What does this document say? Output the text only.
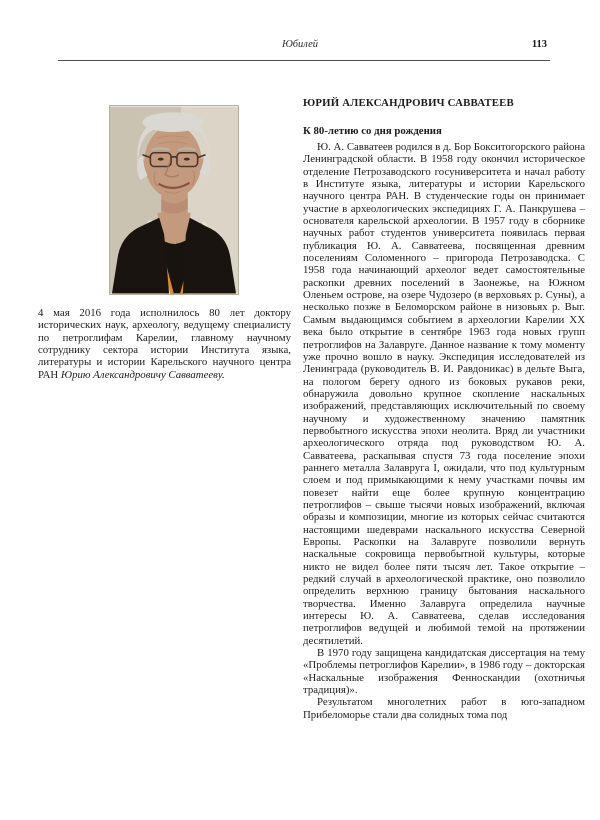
Юбилей	113

4 мая 2016 года исполнилось 80 лет доктору исторических наук, археологу, ведущему специалисту по петроглифам Карелии, главному научному сотруднику сектора истории Института языка, литературы и истории Карельского научного центра РАН Юрию Александровичу Савватееву.

ЮРИЙ АЛЕКСАНДРОВИЧ САВВАТЕЕВ
К 80-летию со дня рождения

Ю. А. Савватеев родился в д. Бор Бокситогорского района Ленинградской области. В 1958 году окончил историческое отделение Петрозаводского госуниверситета и начал работу в Институте языка, литературы и истории Карельского научного центра РАН. В студенческие годы он принимает участие в археологических экспедициях Г. А. Панкрушева – основателя карельской археологии. В 1957 году в сборнике научных работ студентов университета появилась первая публикация Ю. А. Савватеева, посвященная древним поселениям Соломенного – пригорода Петрозаводска. С 1958 года начинающий археолог ведет самостоятельные раскопки древних поселений в Заонежье, на Южном Оленьем острове, на озере Чудозеро (в верховьях р. Суны), а несколько позже в Беломорском районе в низовьях р. Выг. Самым выдающимся событием в археологии Карелии XX века было открытие в сентябре 1963 года новых групп петроглифов на Залавруге. Данное название к тому моменту уже прочно вошло в науку. Экспедиция исследователей из Ленинграда (руководитель В. И. Равдоникас) в дельте Выга, на пологом берегу одного из боковых рукавов реки, обнаружила довольно крупное скопление наскальных изображений, представляющих исключительный по своему научному и художественному значению памятник первобытного искусства эпохи неолита. Вряд ли участники археологического отряда под руководством Ю. А. Савватеева, раскапывая спустя 73 года поселение эпохи раннего металла Залавруга I, ожидали, что под культурным слоем и под примыкающими к нему участками почвы им повезет найти еще более крупную концентрацию петроглифов – свыше тысячи новых изображений, включая образы и композиции, многие из которых сейчас считаются настоящими шедеврами наскального искусства Северной Европы. Раскопки на Залавруге позволили вернуть наскальные сокровища первобытной культуры, которые никто не видел более пяти тысяч лет. Такое открытие – редкий случай в археологической практике, оно позволило определить верхнюю границу бытования наскального творчества. Именно Залавруга определила научные интересы Ю. А. Савватеева, сделав исследования петроглифов ведущей и любимой темой на протяжении десятилетий.

В 1970 году защищена кандидатская диссертация на тему «Проблемы петроглифов Карелии», в 1986 году – докторская «Наскальные изображения Фенноскандии (охотничья традиция)».

Результатом многолетних работ в юго-западном Прибеломорье стали два солидных тома под
